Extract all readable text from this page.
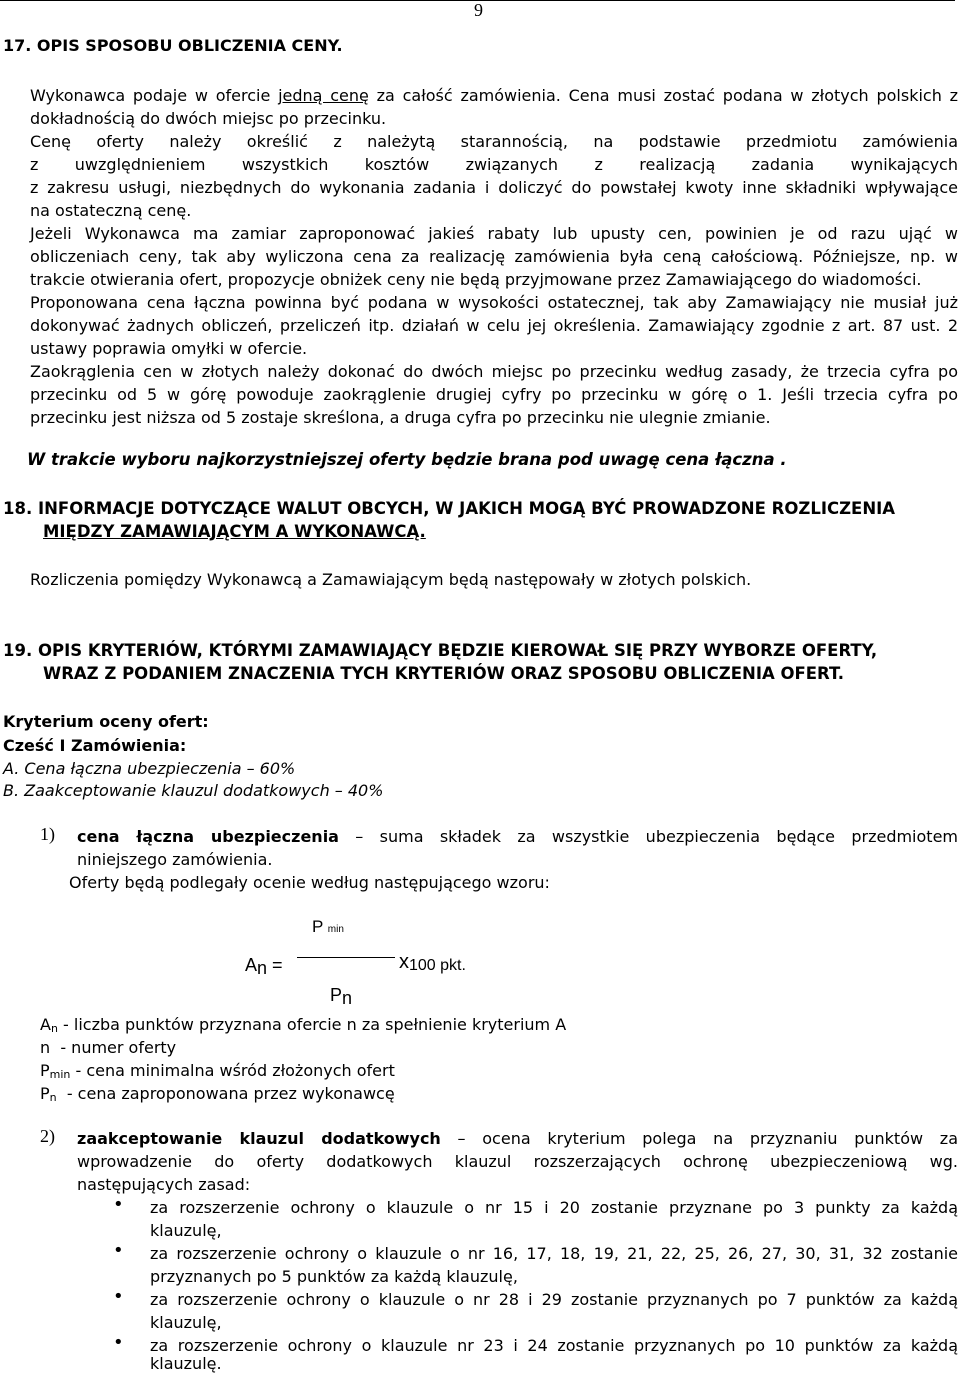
9
17. OPIS SPOSOBU OBLICZENIA CENY.
Wykonawca podaje w ofercie jedną cenę za całość zamówienia. Cena musi zostać podana w złotych polskich z
dokładnością do dwóch miejsc po przecinku.
Cenę oferty należy określić z należytą starannością, na podstawie przedmiotu zamówienia
z uwzględnieniem wszystkich kosztów związanych z realizacją zadania wynikających
z zakresu usługi, niezbędnych do wykonania zadania i doliczyć do powstałej kwoty inne składniki wpływające
na ostateczną cenę.
Jeżeli Wykonawca ma zamiar zaproponować jakieś rabaty lub upusty cen, powinien je od razu ująć w
obliczeniach ceny, tak aby wyliczona cena za realizację zamówienia była ceną całościową. Późniejsze, np. w
trakcie otwierania ofert, propozycje obniżek ceny nie będą przyjmowane przez Zamawiającego do wiadomości.
Proponowana cena łączna powinna być podana w wysokości ostatecznej, tak aby Zamawiający nie musiał już
dokonywać żadnych obliczeń, przeliczeń itp. działań w celu jej określenia. Zamawiający zgodnie z art. 87 ust. 2
ustawy poprawia omyłki w ofercie.
Zaokrąglenia cen w złotych należy dokonać do dwóch miejsc po przecinku według zasady, że trzecia cyfra po
przecinku od 5 w górę powoduje zaokrąglenie drugiej cyfry po przecinku w górę o 1. Jeśli trzecia cyfra po
przecinku jest niższa od 5 zostaje skreślona, a druga cyfra po przecinku nie ulegnie zmianie.
W trakcie wyboru najkorzystniejszej oferty będzie brana pod uwagę cena łączna .
18. INFORMACJE DOTYCZĄCE WALUT OBCYCH, W JAKICH MOGĄ BYĆ PROWADZONE ROZLICZENIA
MIĘDZY ZAMAWIAJĄCYM A WYKONAWCĄ.
Rozliczenia pomiędzy Wykonawcą a Zamawiającym będą następowały w złotych polskich.
19. OPIS KRYTERIÓW, KTÓRYMI ZAMAWIAJĄCY BĘDZIE KIEROWAŁ SIĘ PRZY WYBORZE OFERTY,
WRAZ Z PODANIEM ZNACZENIA TYCH KRYTERIÓW ORAZ SPOSOBU OBLICZENIA OFERT.
Kryterium oceny ofert:
Cześć I Zamówienia:
A. Cena łączna ubezpieczenia – 60%
B. Zaakceptowanie klauzul dodatkowych – 40%
1) cena łączna ubezpieczenia – suma składek za wszystkie ubezpieczenia będące przedmiotem
niniejszego zamówienia.
Oferty będą podlegały ocenie według następującego wzoru:
P min
An =	x 100 pkt.
Pn
$A_n$ - liczba punktów przyznana ofercie n za spełnienie kryterium A
n  - numer oferty
$P_{min}$ - cena minimalna wśród złożonych ofert
$P_n$  - cena zaproponowana przez wykonawcę
2) zaakceptowanie klauzul dodatkowych – ocena kryterium polega na przyznaniu punktów za
wprowadzenie do oferty dodatkowych klauzul rozszerzających ochronę ubezpieczeniową wg.
następujących zasad:
• za rozszerzenie ochrony o klauzule o nr 15 i 20 zostanie przyznane po 3 punkty za każdą
klauzulę,
• za rozszerzenie ochrony o klauzule o nr 16, 17, 18, 19, 21, 22, 25, 26, 27, 30, 31, 32 zostanie
przyznanych po 5 punktów za każdą klauzulę,
• za rozszerzenie ochrony o klauzule o nr 28 i 29 zostanie przyznanych po 7 punktów za każdą
klauzulę,
• za rozszerzenie ochrony o klauzule nr 23 i 24 zostanie przyznanych po 10 punktów za każdą
klauzulę.
